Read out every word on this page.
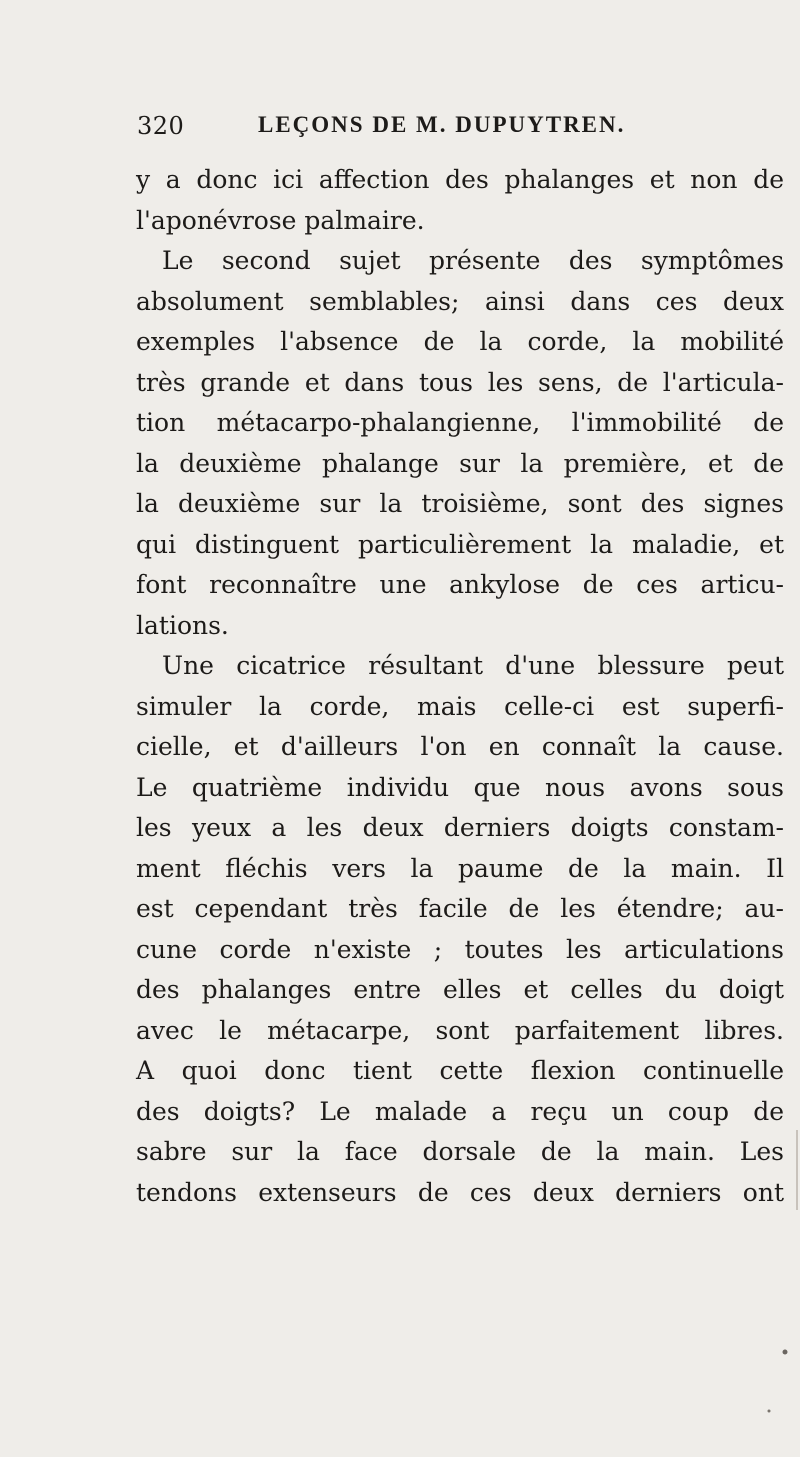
320	LEÇONS DE M. DUPUYTREN.
y a donc ici affection des phalanges et non de
l'aponévrose palmaire.
Le second sujet présente des symptômes
absolument semblables; ainsi dans ces deux
exemples l'absence de la corde, la mobilité
très grande et dans tous les sens, de l'articula-
tion métacarpo-phalangienne, l'immobilité de
la deuxième phalange sur la première, et de
la deuxième sur la troisième, sont des signes
qui distinguent particulièrement la maladie, et
font reconnaître une ankylose de ces articu-
lations.
Une cicatrice résultant d'une blessure peut
simuler la corde, mais celle-ci est superfi-
cielle, et d'ailleurs l'on en connaît la cause.
Le quatrième individu que nous avons sous
les yeux a les deux derniers doigts constam-
ment fléchis vers la paume de la main. Il
est cependant très facile de les étendre; au-
cune corde n'existe ; toutes les articulations
des phalanges entre elles et celles du doigt
avec le métacarpe, sont parfaitement libres.
A quoi donc tient cette flexion continuelle
des doigts? Le malade a reçu un coup de
sabre sur la face dorsale de la main. Les
tendons extenseurs de ces deux derniers ont
